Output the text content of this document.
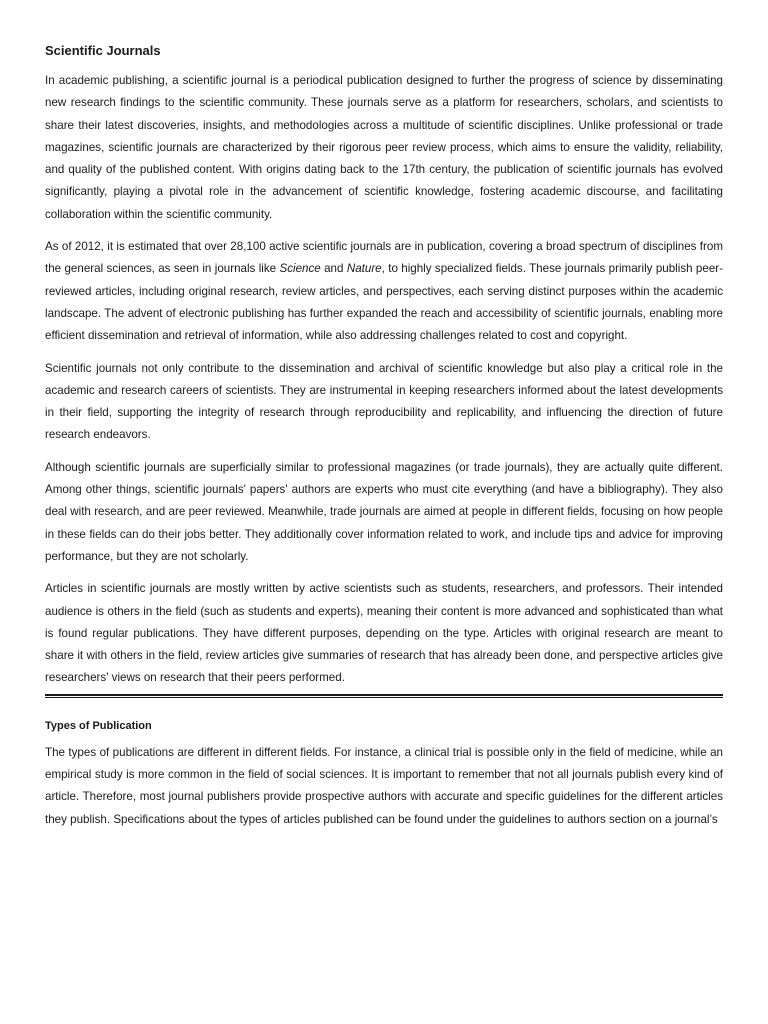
Scientific Journals

In academic publishing, a scientific journal is a periodical publication designed to further the progress of science by disseminating new research findings to the scientific community. These journals serve as a platform for researchers, scholars, and scientists to share their latest discoveries, insights, and methodologies across a multitude of scientific disciplines. Unlike professional or trade magazines, scientific journals are characterized by their rigorous peer review process, which aims to ensure the validity, reliability, and quality of the published content. With origins dating back to the 17th century, the publication of scientific journals has evolved significantly, playing a pivotal role in the advancement of scientific knowledge, fostering academic discourse, and facilitating collaboration within the scientific community.

As of 2012, it is estimated that over 28,100 active scientific journals are in publication, covering a broad spectrum of disciplines from the general sciences, as seen in journals like Science and Nature, to highly specialized fields. These journals primarily publish peer-reviewed articles, including original research, review articles, and perspectives, each serving distinct purposes within the academic landscape. The advent of electronic publishing has further expanded the reach and accessibility of scientific journals, enabling more efficient dissemination and retrieval of information, while also addressing challenges related to cost and copyright.

Scientific journals not only contribute to the dissemination and archival of scientific knowledge but also play a critical role in the academic and research careers of scientists. They are instrumental in keeping researchers informed about the latest developments in their field, supporting the integrity of research through reproducibility and replicability, and influencing the direction of future research endeavors.

Although scientific journals are superficially similar to professional magazines (or trade journals), they are actually quite different. Among other things, scientific journals' papers' authors are experts who must cite everything (and have a bibliography). They also deal with research, and are peer reviewed. Meanwhile, trade journals are aimed at people in different fields, focusing on how people in these fields can do their jobs better. They additionally cover information related to work, and include tips and advice for improving performance, but they are not scholarly.

Articles in scientific journals are mostly written by active scientists such as students, researchers, and professors. Their intended audience is others in the field (such as students and experts), meaning their content is more advanced and sophisticated than what is found regular publications. They have different purposes, depending on the type. Articles with original research are meant to share it with others in the field, review articles give summaries of research that has already been done, and perspective articles give researchers' views on research that their peers performed.

Types of Publication

The types of publications are different in different fields. For instance, a clinical trial is possible only in the field of medicine, while an empirical study is more common in the field of social sciences. It is important to remember that not all journals publish every kind of article. Therefore, most journal publishers provide prospective authors with accurate and specific guidelines for the different articles they publish. Specifications about the types of articles published can be found under the guidelines to authors section on a journal’s
